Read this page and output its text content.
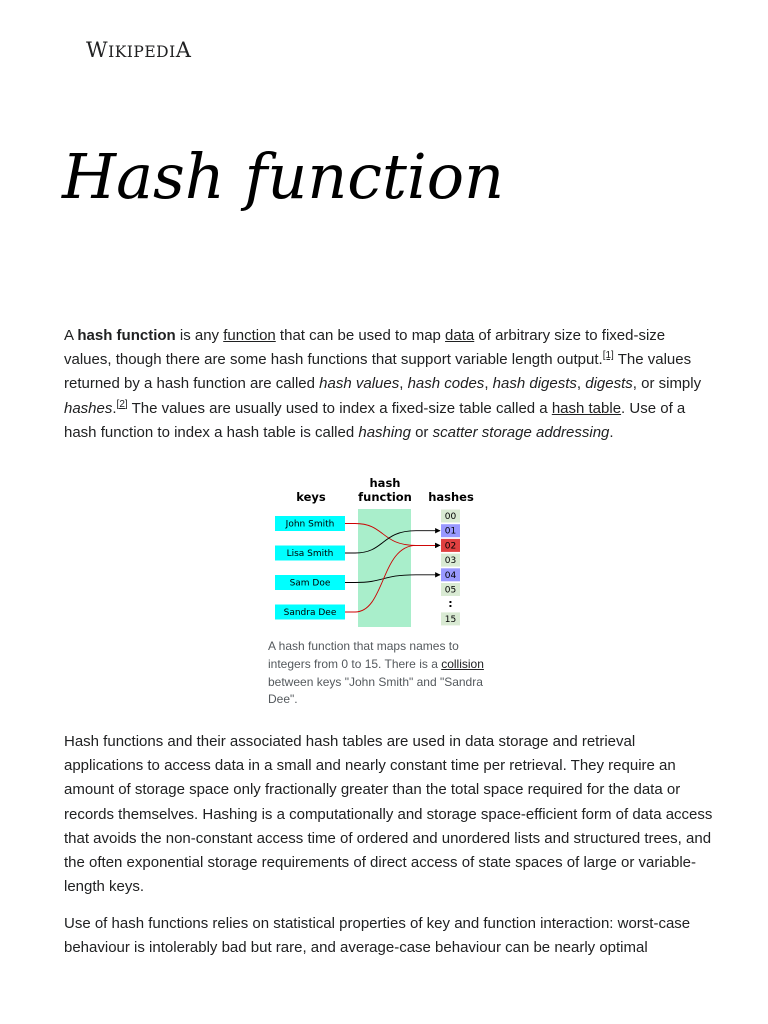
WIKIPEDIA
Hash function

A hash function is any function that can be used to map data of arbitrary size to fixed-size values, though there are some hash functions that support variable length output.[1] The values returned by a hash function are called hash values, hash codes, hash digests, digests, or simply hashes.[2] The values are usually used to index a fixed-size table called a hash table. Use of a hash function to index a hash table is called hashing or scatter storage addressing.

keys
hash
function hashes
John Smith
Lisa Smith
Sam Doe
Sandra Dee
00
01
02
03
04
05
:
15

A hash function that maps names to integers from 0 to 15. There is a collision between keys "John Smith" and "Sandra Dee".

Hash functions and their associated hash tables are used in data storage and retrieval applications to access data in a small and nearly constant time per retrieval. They require an amount of storage space only fractionally greater than the total space required for the data or records themselves. Hashing is a computationally and storage space-efficient form of data access that avoids the non-constant access time of ordered and unordered lists and structured trees, and the often exponential storage requirements of direct access of state spaces of large or variable-length keys.

Use of hash functions relies on statistical properties of key and function interaction: worst-case behaviour is intolerably bad but rare, and average-case behaviour can be nearly optimal
